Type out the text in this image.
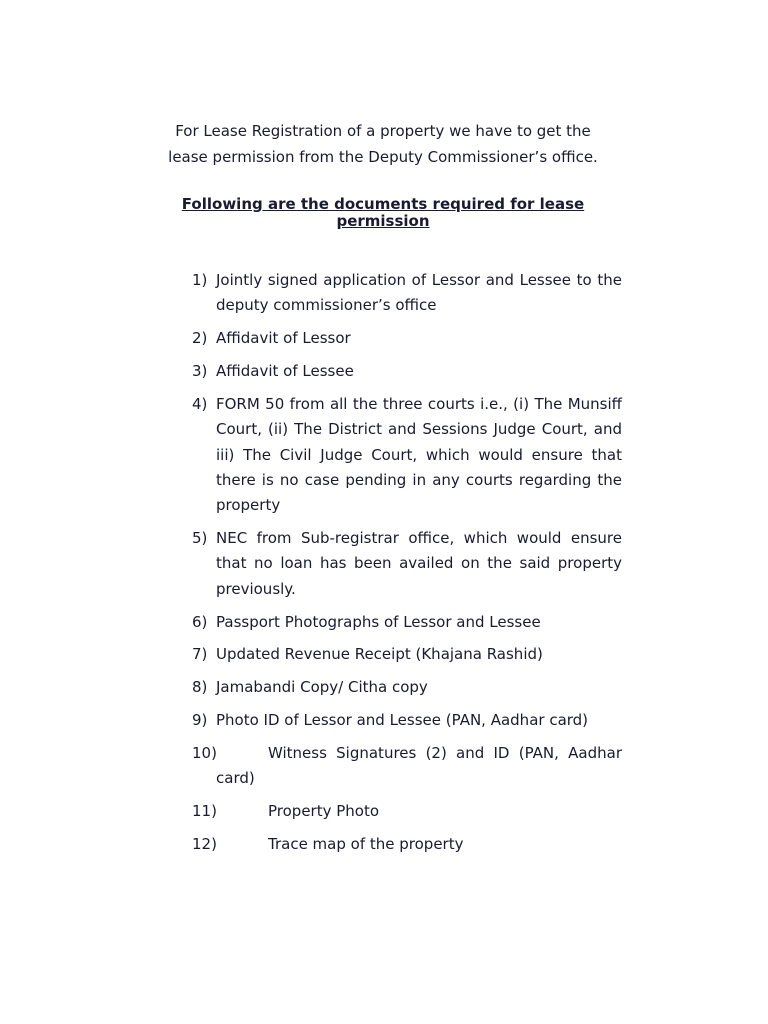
For Lease Registration of a property we have to get the
lease permission from the Deputy Commissioner’s office.
Following are the documents required for lease permission
1) Jointly signed application of Lessor and Lessee to the deputy commissioner’s office
2) Affidavit of Lessor
3) Affidavit of Lessee
4) FORM 50 from all the three courts i.e., (i) The Munsiff Court, (ii) The District and Sessions Judge Court, and iii) The Civil Judge Court, which would ensure that there is no case pending in any courts regarding the property
5) NEC from Sub-registrar office, which would ensure that no loan has been availed on the said property previously.
6) Passport Photographs of Lessor and Lessee
7) Updated Revenue Receipt (Khajana Rashid)
8) Jamabandi Copy/ Citha copy
9) Photo ID of Lessor and Lessee (PAN, Aadhar card)
10)	Witness Signatures (2) and ID (PAN, Aadhar card)
11)	Property Photo
12)	Trace map of the property
